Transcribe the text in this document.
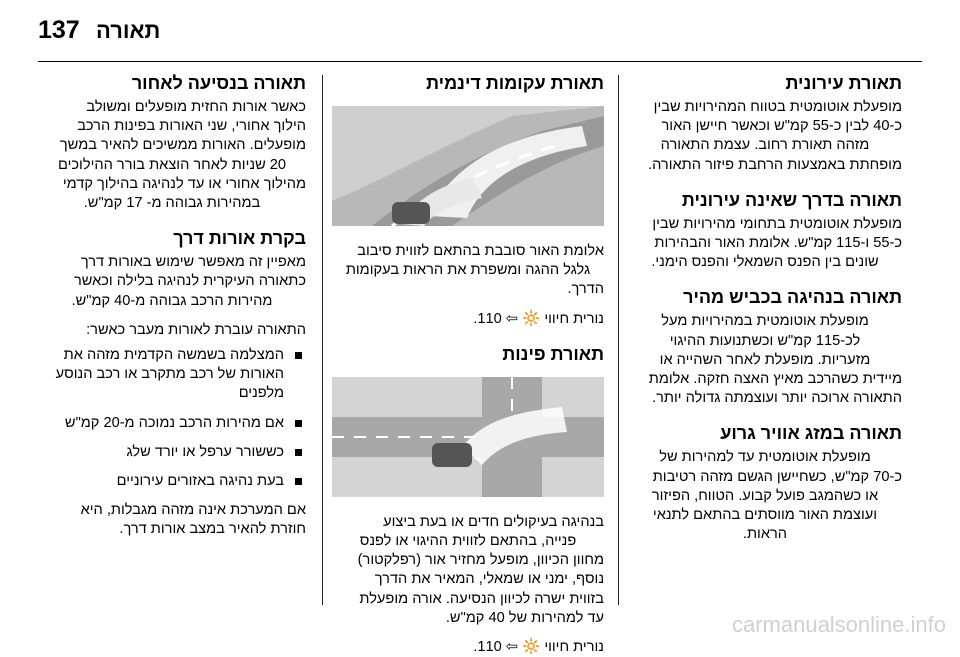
137 תאורה
תאורת עירונית

מופעלת אוטומטית בטווח המהירויות שבין

כ-40 לבין כ-55 קמ"ש וכאשר חיישן האור

מזהה תאורת רחוב. עצמת התאורה

מופחתת באמצעות הרחבת פיזור התאורה.

תאורה בדרך שאינה עירונית

מופעלת אוטומטית בתחומי מהירויות שבין

כ-55 ו-115 קמ"ש. אלומת האור והבהירות

שונים בין הפנס השמאלי והפנס הימני.

תאורה בנהיגה בכביש מהיר

מופעלת אוטומטית במהירויות מעל

לכ-115 קמ"ש וכשתנועות ההיגוי

מזעריות. מופעלת לאחר השהייה או

מיידית כשהרכב מאיץ האצה חזקה. אלומת

התאורה ארוכה יותר ועוצמתה גדולה יותר.

תאורה במזג אוויר גרוע

מופעלת אוטומטית עד למהירות של

כ-70 קמ"ש, כשחיישן הגשם מזהה רטיבות

או כשהמגב פועל קבוע. הטווח, הפיזור

ועוצמת האור מווסתים בהתאם לתנאי

הראות.

תאורת עקומות דינמית

אלומת האור סובבת בהתאם לזווית סיבוב

גלגל ההגה ומשפרת את הראות בעקומות

הדרך.

נורית חיווי 🔆 ⇦ 110.

תאורת פינות

בנהיגה בעיקולים חדים או בעת ביצוע

פנייה, בהתאם לזווית ההיגוי או לפנס

מחוון הכיוון, מופעל מחזיר אור (רפלקטור)

נוסף, ימני או שמאלי, המאיר את הדרך

בזווית ישרה לכיוון הנסיעה. אורה מופעלת

עד למהירות של 40 קמ"ש.

נורית חיווי 🔆 ⇦ 110.

תאורה בנסיעה לאחור

כאשר אורות החזית מופעלים ומשולב

הילוך אחורי, שני האורות בפינות הרכב

מופעלים. האורות ממשיכים להאיר במשך

20 שניות לאחר הוצאת בורר ההילוכים

מהילוך אחורי או עד לנהיגה בהילוך קדמי

במהירות גבוהה מ- 17 קמ"ש.

בקרת אורות דרך

מאפיין זה מאפשר שימוש באורות דרך

כתאורה העיקרית לנהיגה בלילה וכאשר

מהירות הרכב גבוהה מ-40 קמ"ש.

התאורה עוברת לאורות מעבר כאשר:

המצלמה בשמשה הקדמית מזהה את
האורות של רכב מתקרב או רכב הנוסע
מלפנים
אם מהירות הרכב נמוכה מ-20 קמ"ש
כששורר ערפל או יורד שלג
בעת נהיגה באזורים עירוניים

אם המערכת אינה מזהה מגבלות, היא

חוזרת להאיר במצב אורות דרך.

carmanualsonline.info
